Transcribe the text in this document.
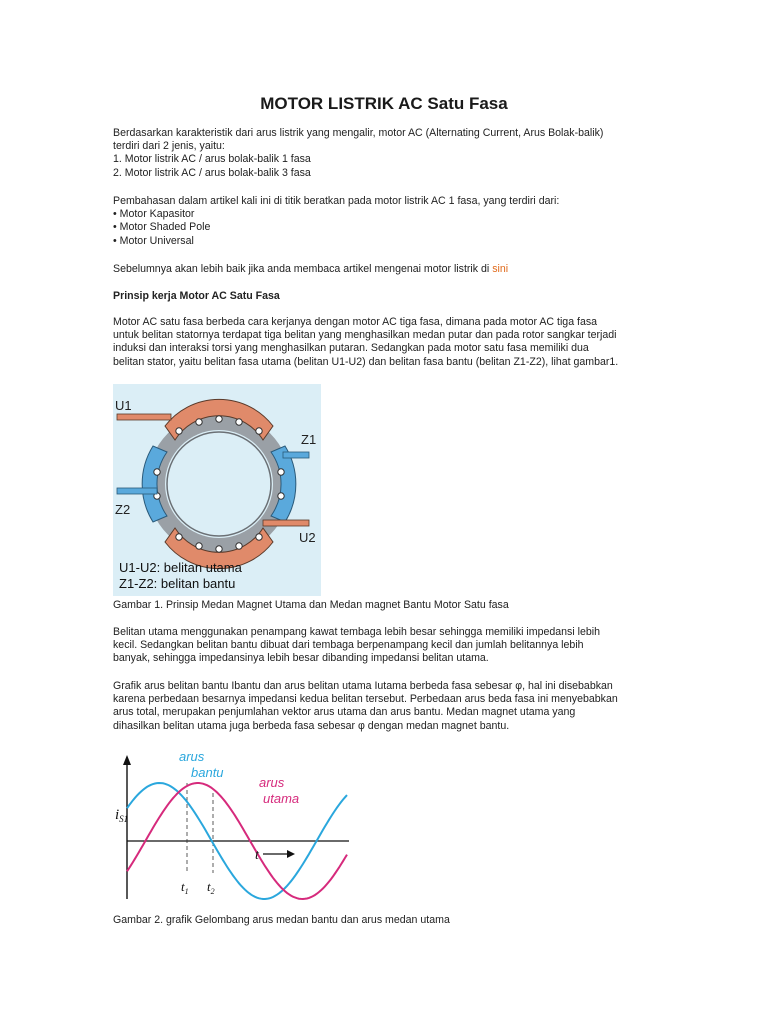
MOTOR LISTRIK AC Satu Fasa

Berdasarkan karakteristik dari arus listrik yang mengalir, motor AC (Alternating Current, Arus Bolak-balik)

terdiri dari 2 jenis, yaitu:

1. Motor listrik AC / arus bolak-balik 1 fasa

2. Motor listrik AC / arus bolak-balik 3 fasa

Pembahasan dalam artikel kali ini di titik beratkan pada motor listrik AC 1 fasa, yang terdiri dari:

• Motor Kapasitor

• Motor Shaded Pole

• Motor Universal

Sebelumnya akan lebih baik jika anda membaca artikel mengenai motor listrik di sini

Prinsip kerja Motor AC Satu Fasa

Motor AC satu fasa berbeda cara kerjanya dengan motor AC tiga fasa, dimana pada motor AC tiga fasa

untuk belitan statornya terdapat tiga belitan yang menghasilkan medan putar dan pada rotor sangkar terjadi

induksi dan interaksi torsi yang menghasilkan putaran. Sedangkan pada motor satu fasa memiliki dua

belitan stator, yaitu belitan fasa utama (belitan U1-U2) dan belitan fasa bantu (belitan Z1-Z2), lihat gambar1.

U1
Z1
Z2
U2
U1-U2: belitan utama
Z1-Z2: belitan bantu
Gambar 1. Prinsip Medan Magnet Utama dan Medan magnet Bantu Motor Satu fasa

Belitan utama menggunakan penampang kawat tembaga lebih besar sehingga memiliki impedansi lebih

kecil. Sedangkan belitan bantu dibuat dari tembaga berpenampang kecil dan jumlah belitannya lebih

banyak, sehingga impedansinya lebih besar dibanding impedansi belitan utama.

Grafik arus belitan bantu Ibantu dan arus belitan utama Iutama berbeda fasa sebesar φ, hal ini disebabkan

karena perbedaan besarnya impedansi kedua belitan tersebut. Perbedaan arus beda fasa ini menyebabkan

arus total, merupakan penjumlahan vektor arus utama dan arus bantu. Medan magnet utama yang

dihasilkan belitan utama juga berbeda fasa sebesar φ dengan medan magnet bantu.

arus
bantu
arus
utama
$i_{S1}$
t
$t_1$ $t_2$
Gambar 2. grafik Gelombang arus medan bantu dan arus medan utama
